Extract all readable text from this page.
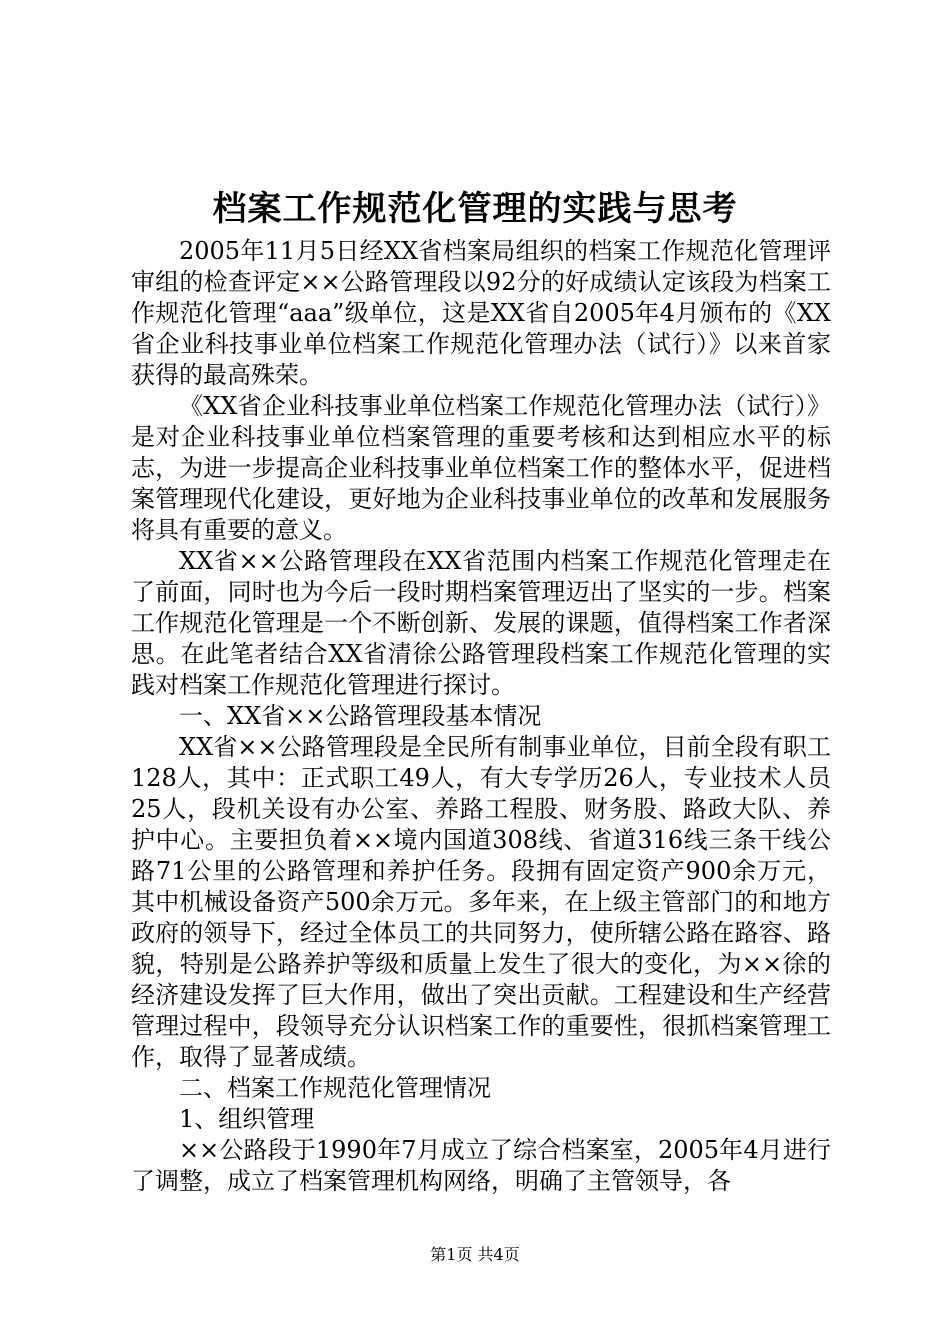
档案工作规范化管理的实践与思考

2005年11月5日经XX省档案局组织的档案工作规范化管理评审组的检查评定××公路管理段以92分的好成绩认定该段为档案工作规范化管理“aaa”级单位，这是XX省自2005年4月颁布的《XX省企业科技事业单位档案工作规范化管理办法（试行）》以来首家获得的最高殊荣。

《XX省企业科技事业单位档案工作规范化管理办法（试行）》是对企业科技事业单位档案管理的重要考核和达到相应水平的标志，为进一步提高企业科技事业单位档案工作的整体水平，促进档案管理现代化建设，更好地为企业科技事业单位的改革和发展服务将具有重要的意义。

XX省××公路管理段在XX省范围内档案工作规范化管理走在了前面，同时也为今后一段时期档案管理迈出了坚实的一步。档案工作规范化管理是一个不断创新、发展的课题，值得档案工作者深思。在此笔者结合XX省清徐公路管理段档案工作规范化管理的实践对档案工作规范化管理进行探讨。

一、XX省××公路管理段基本情况

XX省××公路管理段是全民所有制事业单位，目前全段有职工128人，其中：正式职工49人，有大专学历26人，专业技术人员25人，段机关设有办公室、养路工程股、财务股、路政大队、养护中心。主要担负着××境内国道308线、省道316线三条干线公路71公里的公路管理和养护任务。段拥有固定资产900余万元，其中机械设备资产500余万元。多年来，在上级主管部门的和地方政府的领导下，经过全体员工的共同努力，使所辖公路在路容、路貌，特别是公路养护等级和质量上发生了很大的变化，为××徐的经济建设发挥了巨大作用，做出了突出贡献。工程建设和生产经营管理过程中，段领导充分认识档案工作的重要性，很抓档案管理工作，取得了显著成绩。

二、档案工作规范化管理情况

1、组织管理

××公路段于1990年7月成立了综合档案室，2005年4月进行了调整，成立了档案管理机构网络，明确了主管领导，各

第1页 共4页
